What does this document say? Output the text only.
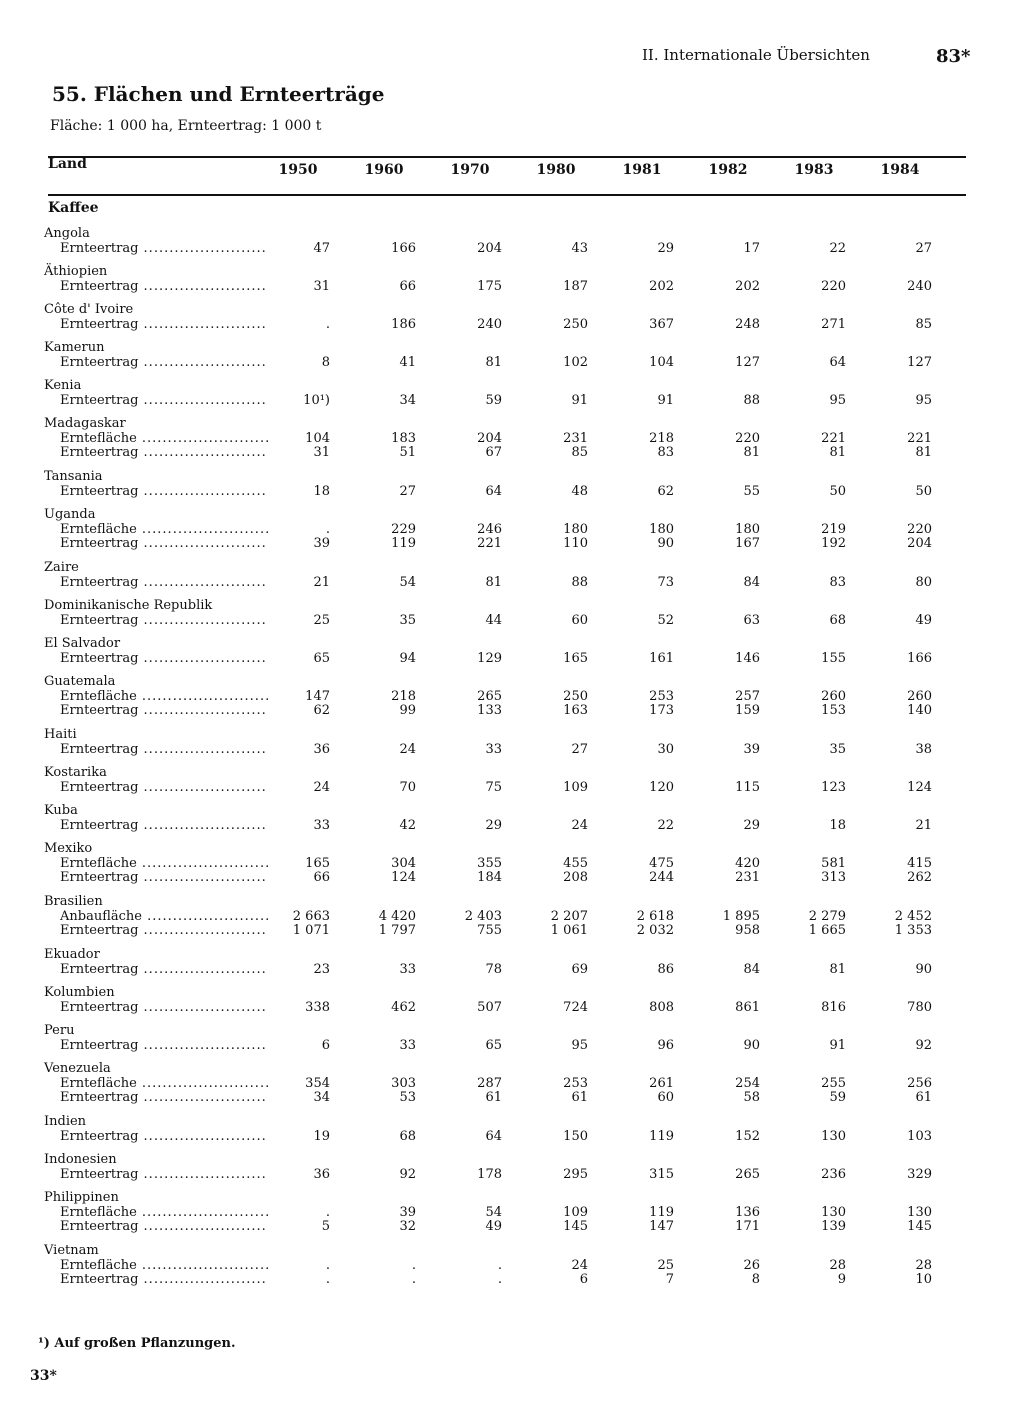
II. Internationale Übersichten	83*
55. Flächen und Ernteerträge
Fläche: 1 000 ha, Ernteertrag: 1 000 t
Land	1950	1960	1970	1980	1981	1982	1983	1984
Kaffee
Angola
Ernteertrag .....	47	166	204	43	29	17	22	27
Äthiopien
Ernteertrag .....	31	66	175	187	202	202	220	240
Côte d' Ivoire
Ernteertrag .....	.	186	240	250	367	248	271	85
Kamerun
Ernteertrag .....	8	41	81	102	104	127	64	127
Kenia
Ernteertrag .....	10¹)	34	59	91	91	88	95	95
Madagaskar
Erntefläche .....	104	183	204	231	218	220	221	221
Ernteertrag .....	31	51	67	85	83	81	81	81
Tansania
Ernteertrag .....	18	27	64	48	62	55	50	50
Uganda
Erntefläche .....	.	229	246	180	180	180	219	220
Ernteertrag .....	39	119	221	110	90	167	192	204
Zaire
Ernteertrag .....	21	54	81	88	73	84	83	80
Dominikanische Republik
Ernteertrag .....	25	35	44	60	52	63	68	49
El Salvador
Ernteertrag .....	65	94	129	165	161	146	155	166
Guatemala
Erntefläche .....	147	218	265	250	253	257	260	260
Ernteertrag .....	62	99	133	163	173	159	153	140
Haiti
Ernteertrag .....	36	24	33	27	30	39	35	38
Kostarika
Ernteertrag .....	24	70	75	109	120	115	123	124
Kuba
Ernteertrag .....	33	42	29	24	22	29	18	21
Mexiko
Erntefläche .....	165	304	355	455	475	420	581	415
Ernteertrag .....	66	124	184	208	244	231	313	262
Brasilien
Anbaufläche .....	2 663	4 420	2 403	2 207	2 618	1 895	2 279	2 452
Ernteertrag .....	1 071	1 797	755	1 061	2 032	958	1 665	1 353
Ekuador
Ernteertrag .....	23	33	78	69	86	84	81	90
Kolumbien
Ernteertrag .....	338	462	507	724	808	861	816	780
Peru
Ernteertrag .....	6	33	65	95	96	90	91	92
Venezuela
Erntefläche .....	354	303	287	253	261	254	255	256
Ernteertrag .....	34	53	61	61	60	58	59	61
Indien
Ernteertrag .....	19	68	64	150	119	152	130	103
Indonesien
Ernteertrag .....	36	92	178	295	315	265	236	329
Philippinen
Erntefläche .....	.	39	54	109	119	136	130	130
Ernteertrag .....	5	32	49	145	147	171	139	145
Vietnam
Erntefläche .....	.	.	.	24	25	26	28	28
Ernteertrag .....	.	.	.	6	7	8	9	10
¹) Auf großen Pflanzungen.
33*
